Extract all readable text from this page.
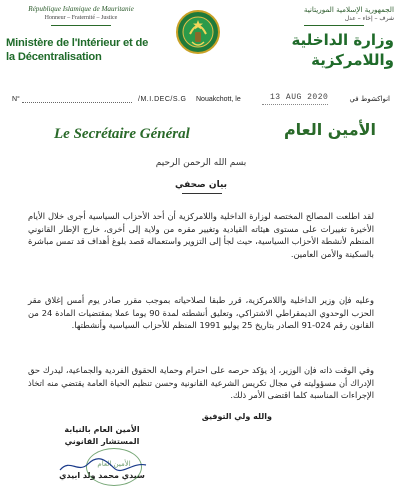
République Islamique de Mauritanie
Honneur – Fraternité – Justice
Ministère de l'Intérieur et de
la Décentralisation
الجمهورية الإسلامية الموريتانية
شرف – إخاء – عدل
وزارة الداخلية
واللامركزية
N°	/M.I.DEC/S.G Nouakchott, le	13 AUG 2020	انواكشوط في
Le Secrétaire Général	الأمين العام
بسم الله الرحمن الرحيم
بيان صحفي
لقد اطلعت المصالح المختصة لوزارة الداخلية واللامركزية أن أحد الأحزاب السياسية أجرى خلال الأيام الأخيرة تغييرات على مستوى هيئاته القيادية وتغيير مقره من ولاية إلى أخرى، خارج الإطار القانوني المنظم لأنشطة الأحزاب السياسية، حيث لجأ إلى التزوير واستعماله قصد بلوغ أهداف قد تمس مباشرة بالسكينة والأمن العامين.
وعليه فإن وزير الداخلية واللامركزية، قرر طبقا لصلاحياته بموجب مقرر صادر يوم أمس إغلاق مقر الحزب الوحدوي الديمقراطي الاشتراكي، وتعليق أنشطته لمدة 90 يوما عملا بمقتضيات المادة 24 من القانون رقم 024-91 الصادر بتاريخ 25 يوليو 1991 المنظم للأحزاب السياسية وأنشطتها.
وفي الوقت ذاته فإن الوزير، إذ يؤكد حرصه على احترام وحماية الحقوق الفردية والجماعية، ليدرك حق الإدراك أن مسؤوليته في مجال تكريس الشرعية القانونية وحسن تنظيم الحياة العامة يقتضي منه اتخاذ الإجراءات المناسبة كلما اقتضى الأمر ذلك.
والله ولي التوفيق
الأمين العام بالنيابة
المستشار القانوني
سيدي محمد ولد ابيدي
الأمين العام
